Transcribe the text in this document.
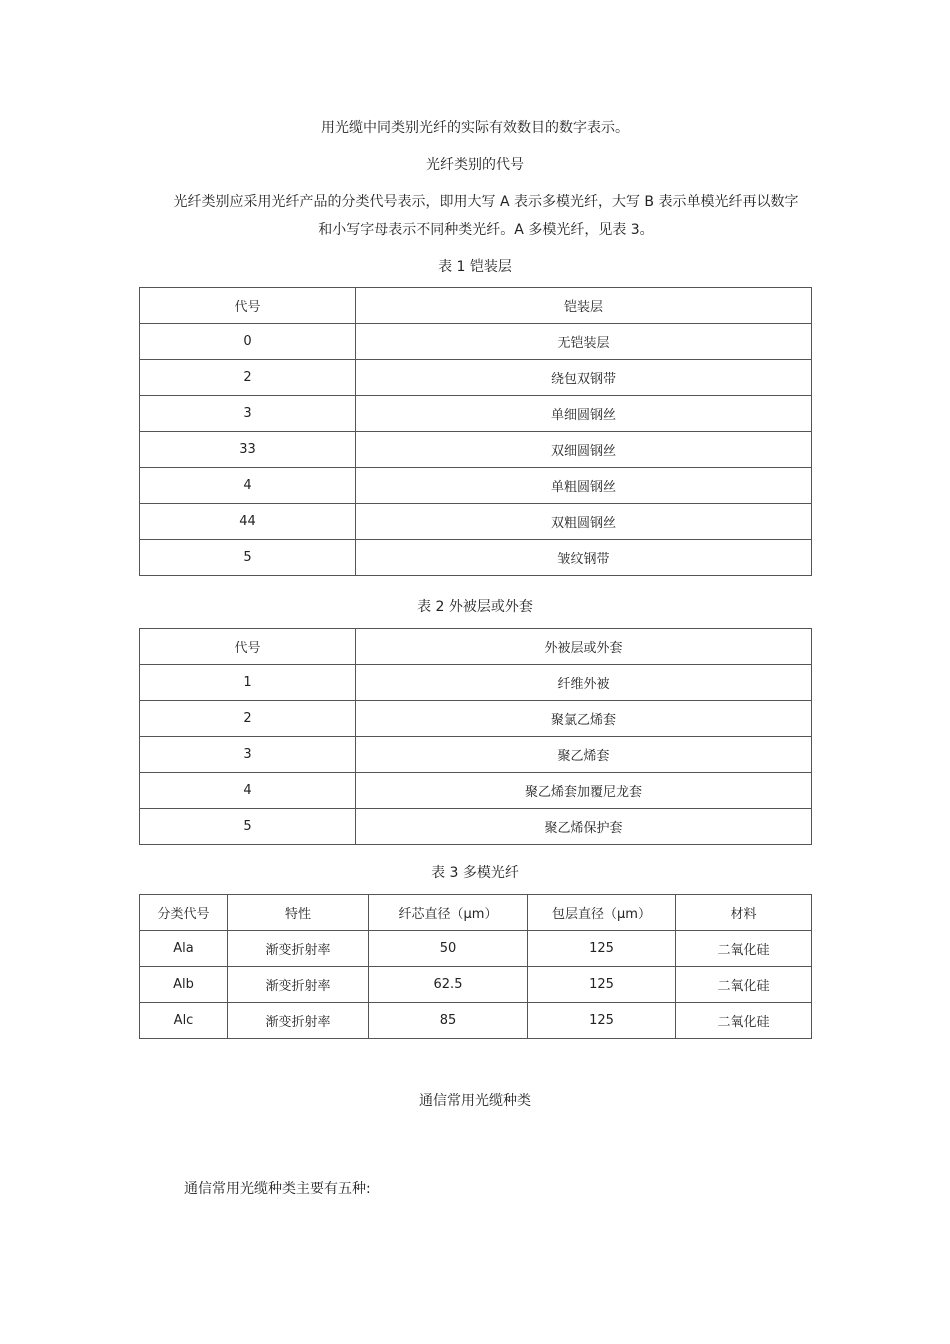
用光缆中同类别光纤的实际有效数目的数字表示。
光纤类别的代号
光纤类别应采用光纤产品的分类代号表示，即用大写 A 表示多模光纤，大写 B 表示单模光纤再以数字
和小写字母表示不同种类光纤。A 多模光纤，见表 3。
表 1 铠装层
代号	铠装层
0	无铠装层
2	绕包双钢带
3	单细圆钢丝
33	双细圆钢丝
4	单粗圆钢丝
44	双粗圆钢丝
5	皱纹钢带
表 2 外被层或外套
代号	外被层或外套
1	纤维外被
2	聚氯乙烯套
3	聚乙烯套
4	聚乙烯套加覆尼龙套
5	聚乙烯保护套
表 3 多模光纤
分类代号	特性	纤芯直径（μm）	包层直径（μm）	材料
Ala	渐变折射率	50	125	二氧化硅
Alb	渐变折射率	62.5	125	二氧化硅
Alc	渐变折射率	85	125	二氧化硅
通信常用光缆种类
通信常用光缆种类主要有五种:
